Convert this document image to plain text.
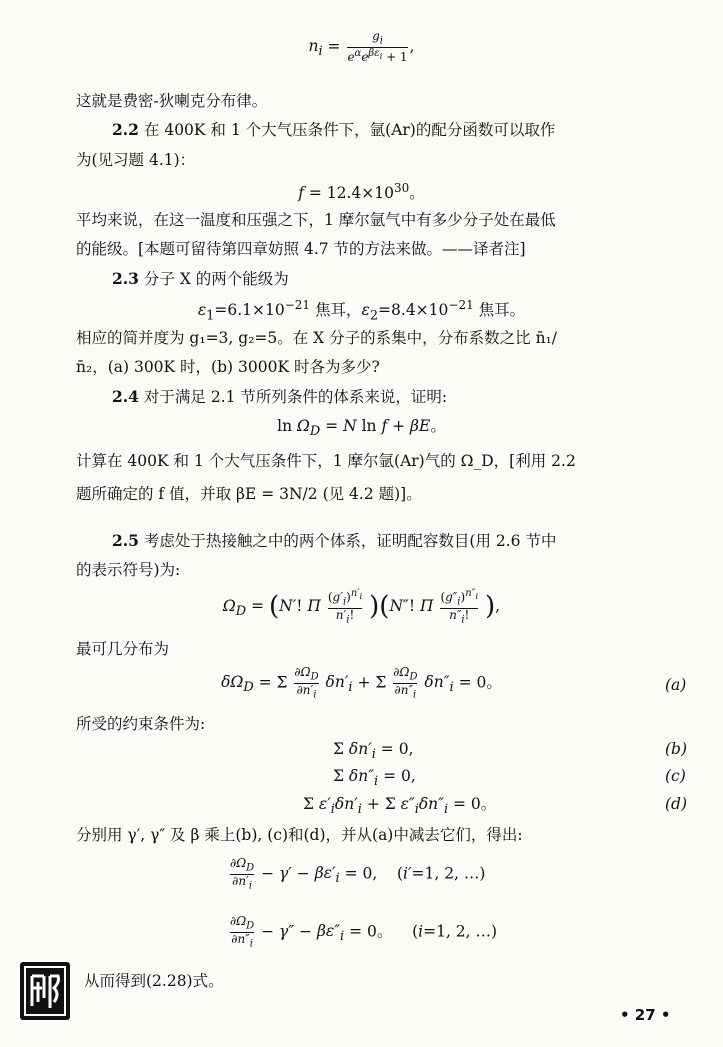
$n_i = \frac{g_i}{e^\alpha e^{\beta\varepsilon_i} + 1}$ ,
这就是费密-狄喇克分布律。
2.2 在 400K 和 1 个大气压条件下，氩(Ar)的配分函数可以取作
为(见习题 4.1)：
$f = 12.4\times 10^{30}$。
平均来说，在这一温度和压强之下，1 摩尔氩气中有多少分子处在最低
的能级。[本题可留待第四章妨照 4.7 节的方法来做。——译者注]
2.3 分子 X 的两个能级为
$\varepsilon_1=6.1\times 10^{-21}$ 焦耳，$\varepsilon_2=8.4\times 10^{-21}$ 焦耳。
相应的简并度为 g₁=3, g₂=5。在 X 分子的系集中，分布系数之比 n̄₁/
n̄₂，(a) 300K 时，(b) 3000K 时各为多少?
2.4 对于满足 2.1 节所列条件的体系来说，证明:
$\ln \Omega_D = N$ ln f + βE。
计算在 400K 和 1 个大气压条件下，1 摩尔氩(Ar)气的 Ω_D，[利用 2.2
题所确定的 f 值，并取 βE = 3N/2 (见 4.2 题)]。
2.5 考虑处于热接触之中的两个体系，证明配容数目(用 2.6 节中
的表示符号)为:
$\Omega_D = (N'$! Π $\frac{(g'_i)^{n'_i}}{n'_i!} )(N''$! Π $\frac{(g''_i)^{n''_i}}{n''_i!}$ ),
最可几分布为
$\delta\Omega_D = \Sigma \frac{\partial\Omega_D}{\partial n'_i} \delta n'_i + \Sigma \frac{\partial\Omega_D}{\partial n''_i} \delta n''_i = 0$。	(a)
所受的约束条件为:
Σ $\delta n'_i = 0$,	(b)
Σ $\delta n''_i = 0$,	(c)
Σ $\varepsilon'_i\delta n'_i + \Sigma$ $\varepsilon''_i\delta n''_i = 0$。	(d)
分别用 γ′, γ″ 及 β 乘上(b), (c)和(d)，并从(a)中减去它们，得出:
$\frac{\partial\Omega_D}{\partial n'_i} - \gamma' - \beta\varepsilon'_i = 0$,    (i′=1, 2, …)
$\frac{\partial\Omega_D}{\partial n''_i} - \gamma'' - \beta\varepsilon''_i = 0$。    (i=1, 2, …)
从而得到(2.28)式。
• 27 •
